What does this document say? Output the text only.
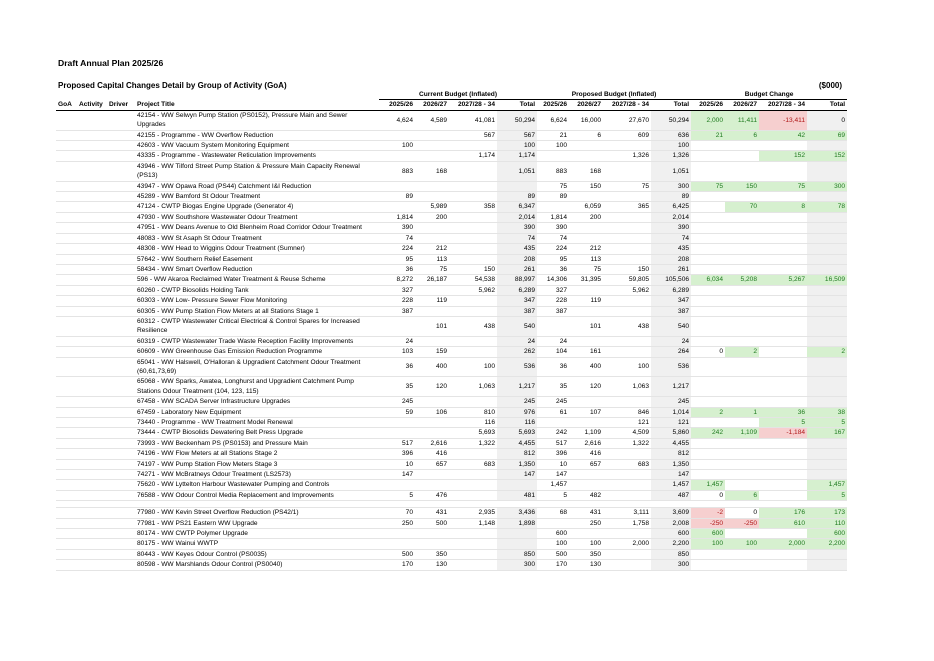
Draft Annual Plan 2025/26
Proposed Capital Changes Detail by Group of Activity (GoA)	($000)
				Current Budget (Inflated)				Proposed Budget (Inflated)				Budget Change			
GoA	Activity	Driver	Project Title	2025/26	2026/27	2027/28 - 34	Total	2025/26	2026/27	2027/28 - 34	Total	2025/26	2026/27	2027/28 - 34	Total
			42154 - WW Selwyn Pump Station (PS0152), Pressure Main and Sewer Upgrades	4,624	4,589	41,081	50,294	6,624	16,000	27,670	50,294	2,000	11,411	-13,411	0
			42155 - Programme - WW Overflow Reduction			567	567	21	6	609	636	21	6	42	69
			42603 - WW Vacuum System Monitoring Equipment	100			100	100			100				
			43335 - Programme - Wastewater Reticulation Improvements			1,174	1,174			1,326	1,326			152	152
			43946 - WW Tilford Street Pump Station & Pressure Main Capacity Renewal (PS13)	883	168		1,051	883	168		1,051				
			43947 - WW Opawa Road (PS44) Catchment I&I Reduction					75	150	75	300	75	150	75	300
			45289 - WW Bamford St Odour Treatment	89			89	89			89				
			47124 - CWTP Biogas Engine Upgrade (Generator 4)		5,989	358	6,347		6,059	365	6,425		70	8	78
			47930 - WW Southshore Wastewater Odour Treatment	1,814	200		2,014	1,814	200		2,014				
			47951 - WW Deans Avenue to Old Blenheim Road Corridor Odour Treatment	390			390	390			390				
			48083 - WW St Asaph St Odour Treatment	74			74	74			74				
			48308 - WW Head to Wiggins Odour Treatment (Sumner)	224	212		435	224	212		435				
			57642 - WW Southern Relief Easement	95	113		208	95	113		208				
			58434 - WW Smart Overflow Reduction	36	75	150	261	36	75	150	261				
			596 - WW Akaroa Reclaimed Water Treatment & Reuse Scheme	8,272	26,187	54,538	88,997	14,306	31,395	59,805	105,506	6,034	5,208	5,267	16,509
			60260 - CWTP Biosolids Holding Tank	327		5,962	6,289	327		5,962	6,289				
			60303 - WW Low- Pressure Sewer Flow Monitoring	228	119		347	228	119		347				
			60305 - WW Pump Station Flow Meters at all Stations Stage 1	387			387	387			387				
			60312 - CWTP Wastewater Critical Electrical & Control Spares for Increased Resilience		101	438	540		101	438	540				
			60319 - CWTP Wastewater Trade Waste Reception Facility Improvements	24			24	24			24				
			60609 - WW Greenhouse Gas Emission Reduction Programme	103	159		262	104	161		264	0	2		2
			65041 - WW Halswell, O'Halloran & Upgradient Catchment Odour Treatment (60,61,73,69)	36	400	100	536	36	400	100	536				
			65068 - WW Sparks, Awatea, Longhurst and Upgradient Catchment Pump Stations Odour Treatment (104, 123, 115)	35	120	1,063	1,217	35	120	1,063	1,217				
			67458 - WW SCADA Server Infrastructure Upgrades	245			245	245			245				
			67459 - Laboratory New Equipment	59	106	810	976	61	107	846	1,014	2	1	36	38
			73440 - Programme - WW Treatment Model Renewal			116	116			121	121			5	5
			73444 - CWTP Biosolids Dewatering Belt Press Upgrade			5,693	5,693	242	1,109	4,509	5,860	242	1,109	-1,184	167
			73993 - WW Beckenham PS (PS0153) and Pressure Main	517	2,616	1,322	4,455	517	2,616	1,322	4,455				
			74196 - WW Flow Meters at all Stations Stage 2	396	416		812	396	416		812				
			74197 - WW Pump Station Flow Meters Stage 3	10	657	683	1,350	10	657	683	1,350				
			74271 - WW McBratneys Odour Treatment (LS2573)	147			147	147			147				
			75620 - WW Lyttelton Harbour Wastewater Pumping and Controls					1,457			1,457	1,457			1,457
			76588 - WW Odour Control Media Replacement and Improvements	5	476		481	5	482		487	0	6		5

			77980 - WW Kevin Street Overflow Reduction (PS42/1)	70	431	2,935	3,436	68	431	3,111	3,609	-2	0	176	173
			77981 - WW PS21 Eastern WW Upgrade	250	500	1,148	1,898		250	1,758	2,008	-250	-250	610	110
			80174 - WW CWTP Polymer Upgrade					600			600	600			600
			80175 - WW Wainui WWTP					100	100	2,000	2,200	100	100	2,000	2,200
			80443 - WW Keyes Odour Control (PS0035)	500	350		850	500	350		850				
			80598 - WW Marshlands Odour Control (PS0040)	170	130		300	170	130		300				
